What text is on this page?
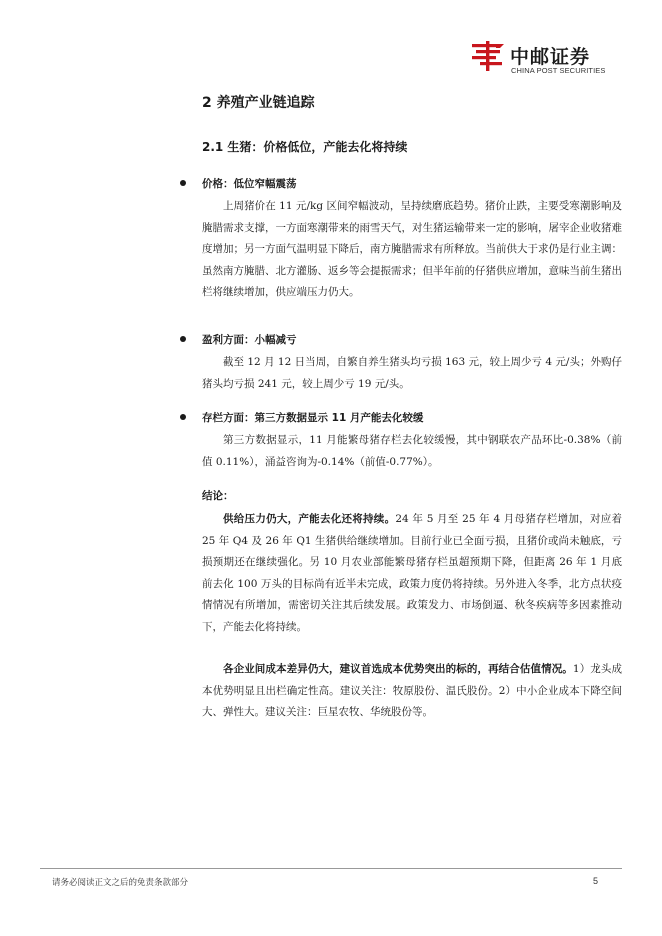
中邮证券
CHINA POST SECURITIES
2 养殖产业链追踪
2.1 生猪：价格低位，产能去化将持续
价格：低位窄幅震荡

上周猪价在 11 元/kg 区间窄幅波动，呈持续磨底趋势。猪价止跌，主要受寒潮影响及腌腊需求支撑，一方面寒潮带来的雨雪天气，对生猪运输带来一定的影响，屠宰企业收猪难度增加；另一方面气温明显下降后，南方腌腊需求有所释放。当前供大于求仍是行业主调：虽然南方腌腊、北方灌肠、返乡等会提振需求；但半年前的仔猪供应增加，意味当前生猪出栏将继续增加，供应端压力仍大。

盈利方面：小幅减亏

截至 12 月 12 日当周，自繁自养生猪头均亏损 163 元，较上周少亏 4 元/头；外购仔猪头均亏损 241 元，较上周少亏 19 元/头。

存栏方面：第三方数据显示 11 月产能去化较缓

第三方数据显示，11 月能繁母猪存栏去化较缓慢，其中钢联农产品环比-0.38%（前值 0.11%），涌益咨询为-0.14%（前值-0.77%）。

结论：

供给压力仍大，产能去化还将持续。24 年 5 月至 25 年 4 月母猪存栏增加，对应着 25 年 Q4 及 26 年 Q1 生猪供给继续增加。目前行业已全面亏损，且猪价或尚未触底，亏损预期还在继续强化。另 10 月农业部能繁母猪存栏虽超预期下降，但距离 26 年 1 月底前去化 100 万头的目标尚有近半未完成，政策力度仍将持续。另外进入冬季，北方点状疫情情况有所增加，需密切关注其后续发展。政策发力、市场倒逼、秋冬疾病等多因素推动下，产能去化将持续。

各企业间成本差异仍大，建议首选成本优势突出的标的，再结合估值情况。1）龙头成本优势明显且出栏确定性高。建议关注：牧原股份、温氏股份。2）中小企业成本下降空间大、弹性大。建议关注：巨星农牧、华统股份等。

请务必阅读正文之后的免责条款部分	5
